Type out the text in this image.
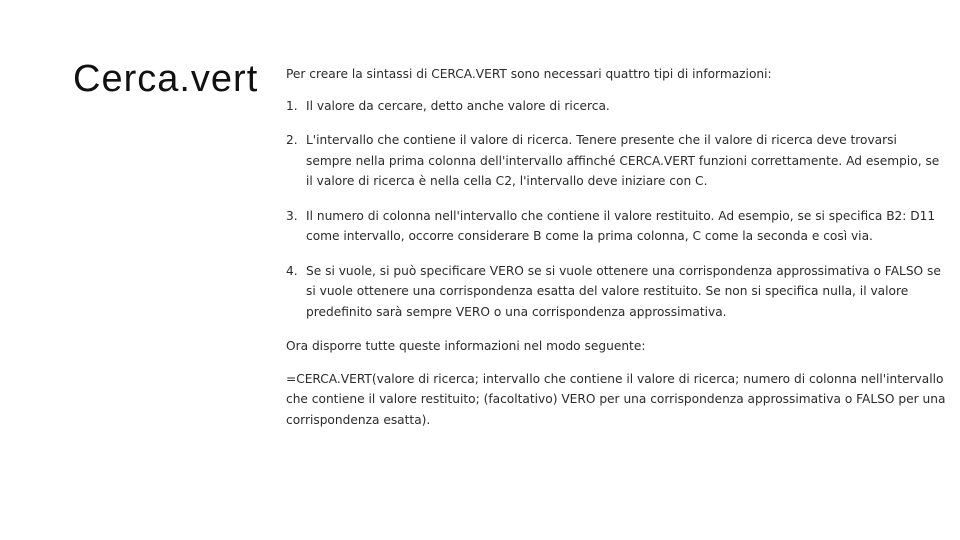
Cerca.vert Per creare la sintassi di CERCA.VERT sono necessari quattro tipi di informazioni:

1. Il valore da cercare, detto anche valore di ricerca.
2. L'intervallo che contiene il valore di ricerca. Tenere presente che il valore di ricerca deve trovarsi sempre nella prima colonna dell'intervallo affinché CERCA.VERT funzioni correttamente. Ad esempio, se il valore di ricerca è nella cella C2, l'intervallo deve iniziare con C.
3. Il numero di colonna nell'intervallo che contiene il valore restituito. Ad esempio, se si specifica B2: D11 come intervallo, occorre considerare B come la prima colonna, C come la seconda e così via.
4. Se si vuole, si può specificare VERO se si vuole ottenere una corrispondenza approssimativa o FALSO se si vuole ottenere una corrispondenza esatta del valore restituito. Se non si specifica nulla, il valore predefinito sarà sempre VERO o una corrispondenza approssimativa.

Ora disporre tutte queste informazioni nel modo seguente:

=CERCA.VERT(valore di ricerca; intervallo che contiene il valore di ricerca; numero di colonna nell'intervallo che contiene il valore restituito; (facoltativo) VERO per una corrispondenza approssimativa o FALSO per una corrispondenza esatta).
